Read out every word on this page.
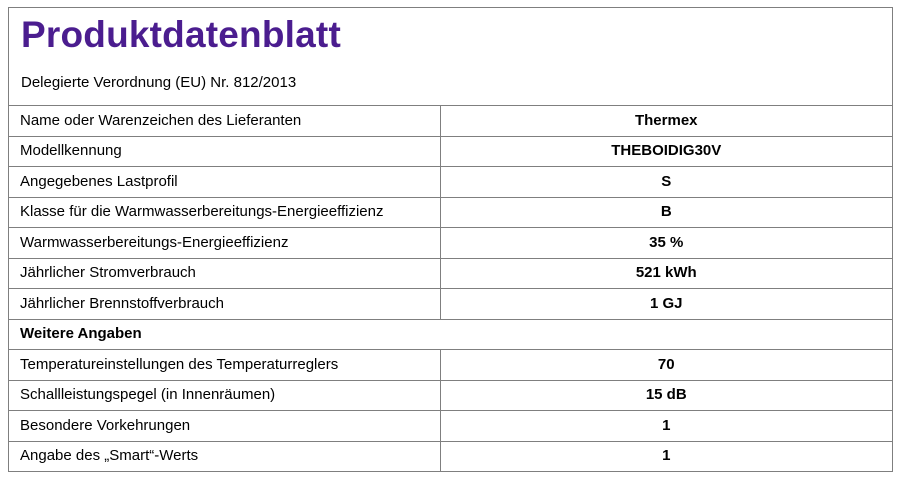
Produktdatenblatt
Delegierte Verordnung (EU) Nr. 812/2013
Name oder Warenzeichen des Lieferanten	Thermex
Modellkennung	THEBOIDIG30V
Angegebenes Lastprofil	S
Klasse für die Warmwasserbereitungs-Energieeffizienz	B
Warmwasserbereitungs-Energieeffizienz	35 %
Jährlicher Stromverbrauch	521 kWh
Jährlicher Brennstoffverbrauch	1 GJ
Weitere Angaben	
Temperatureinstellungen des Temperaturreglers	70
Schallleistungspegel (in Innenräumen)	15 dB
Besondere Vorkehrungen	1
Angabe des „Smart“-Werts	1
